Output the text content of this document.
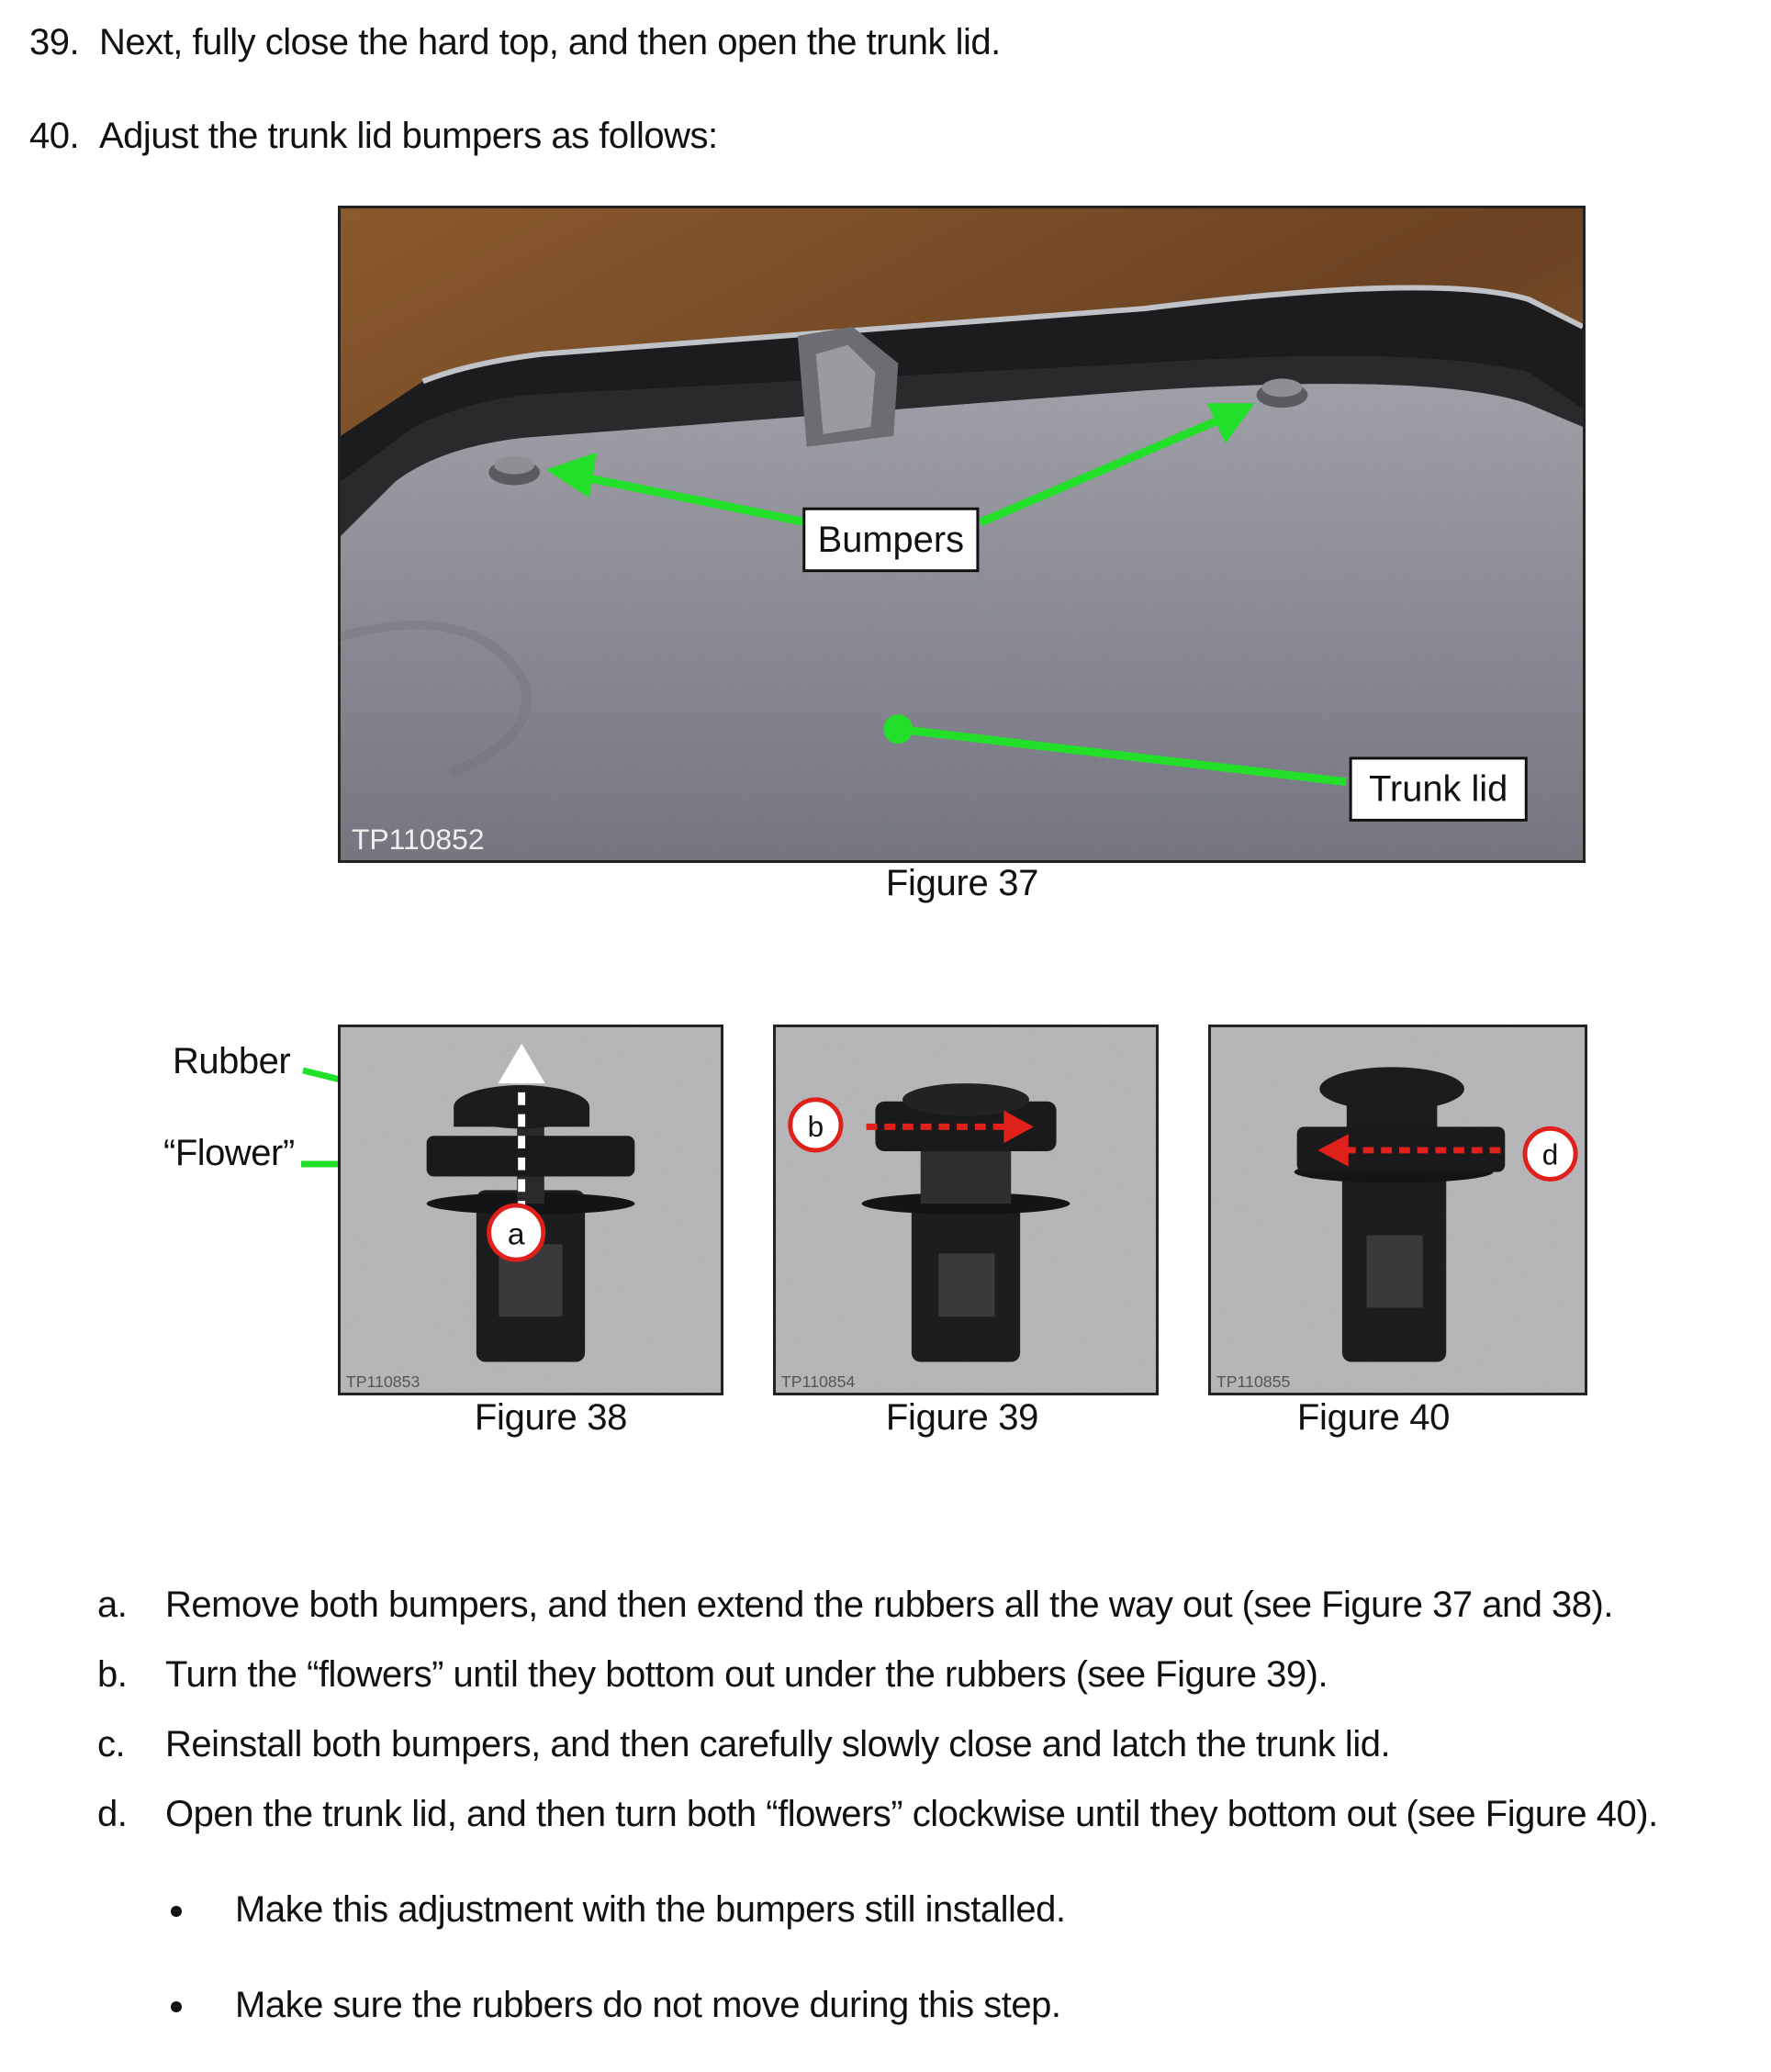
39. Next, fully close the hard top, and then open the trunk lid.
40. Adjust the trunk lid bumpers as follows:
Bumpers
Trunk lid
TP110852
Figure 37
Rubber
“Flower”
a
TP110853
Figure 38
b
TP110854
Figure 39
d
TP110855
Figure 40
a. Remove both bumpers, and then extend the rubbers all the way out (see Figure 37 and 38).
b. Turn the “flowers” until they bottom out under the rubbers (see Figure 39).
c. Reinstall both bumpers, and then carefully slowly close and latch the trunk lid.
d. Open the trunk lid, and then turn both “flowers” clockwise until they bottom out (see Figure 40).
Make this adjustment with the bumpers still installed.
Make sure the rubbers do not move during this step.
